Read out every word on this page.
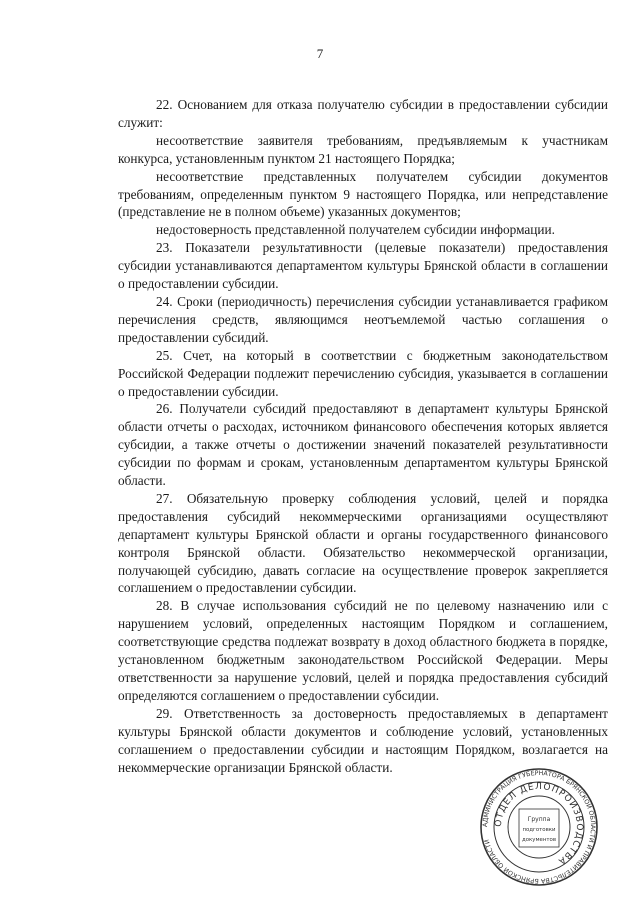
7

22. Основанием для отказа получателю субсидии в предоставлении субсидии служит:

несоответствие заявителя требованиям, предъявляемым к участникам конкурса, установленным пунктом 21 настоящего Порядка;

несоответствие представленных получателем субсидии документов требованиям, определенным пунктом 9 настоящего Порядка, или непредставление (представление не в полном объеме) указанных документов;

недостоверность представленной получателем субсидии информации.

23. Показатели результативности (целевые показатели) предоставления субсидии устанавливаются департаментом культуры Брянской области в соглашении о предоставлении субсидии.

24. Сроки (периодичность) перечисления субсидии устанавливается графиком перечисления средств, являющимся неотъемлемой частью соглашения о предоставлении субсидий.

25. Счет, на который в соответствии с бюджетным законодательством Российской Федерации подлежит перечислению субсидия, указывается в соглашении о предоставлении субсидии.

26. Получатели субсидий предоставляют в департамент культуры Брянской области отчеты о расходах, источником финансового обеспечения которых является субсидии, а также отчеты о достижении значений показателей результативности субсидии по формам и срокам, установленным департаментом культуры Брянской области.

27. Обязательную проверку соблюдения условий, целей и порядка предоставления субсидий некоммерческими организациями осуществляют департамент культуры Брянской области и органы государственного финансового контроля Брянской области. Обязательство некоммерческой организации, получающей субсидию, давать согласие на осуществление проверок закрепляется соглашением о предоставлении субсидии.

28. В случае использования субсидий не по целевому назначению или с нарушением условий, определенных настоящим Порядком и соглашением, соответствующие средства подлежат возврату в доход областного бюджета в порядке, установленном бюджетным законодательством Российской Федерации. Меры ответственности за нарушение условий, целей и порядка предоставления субсидий определяются соглашением о предоставлении субсидии.

29. Ответственность за достоверность предоставляемых в департамент культуры Брянской области документов и соблюдение условий, установленных соглашением о предоставлении субсидии и настоящим Порядком, возлагается на некоммерческие организации Брянской области.

АДМИНИСТРАЦИЯ ГУБЕРНАТОРА БРЯНСКОЙ ОБЛАСТИ И ПРАВИТЕЛЬСТВА БРЯНСКОЙ ОБЛАСТИ
ОТДЕЛ ДЕЛОПРОИЗВОДСТВА
Группа
подготовки
документов
